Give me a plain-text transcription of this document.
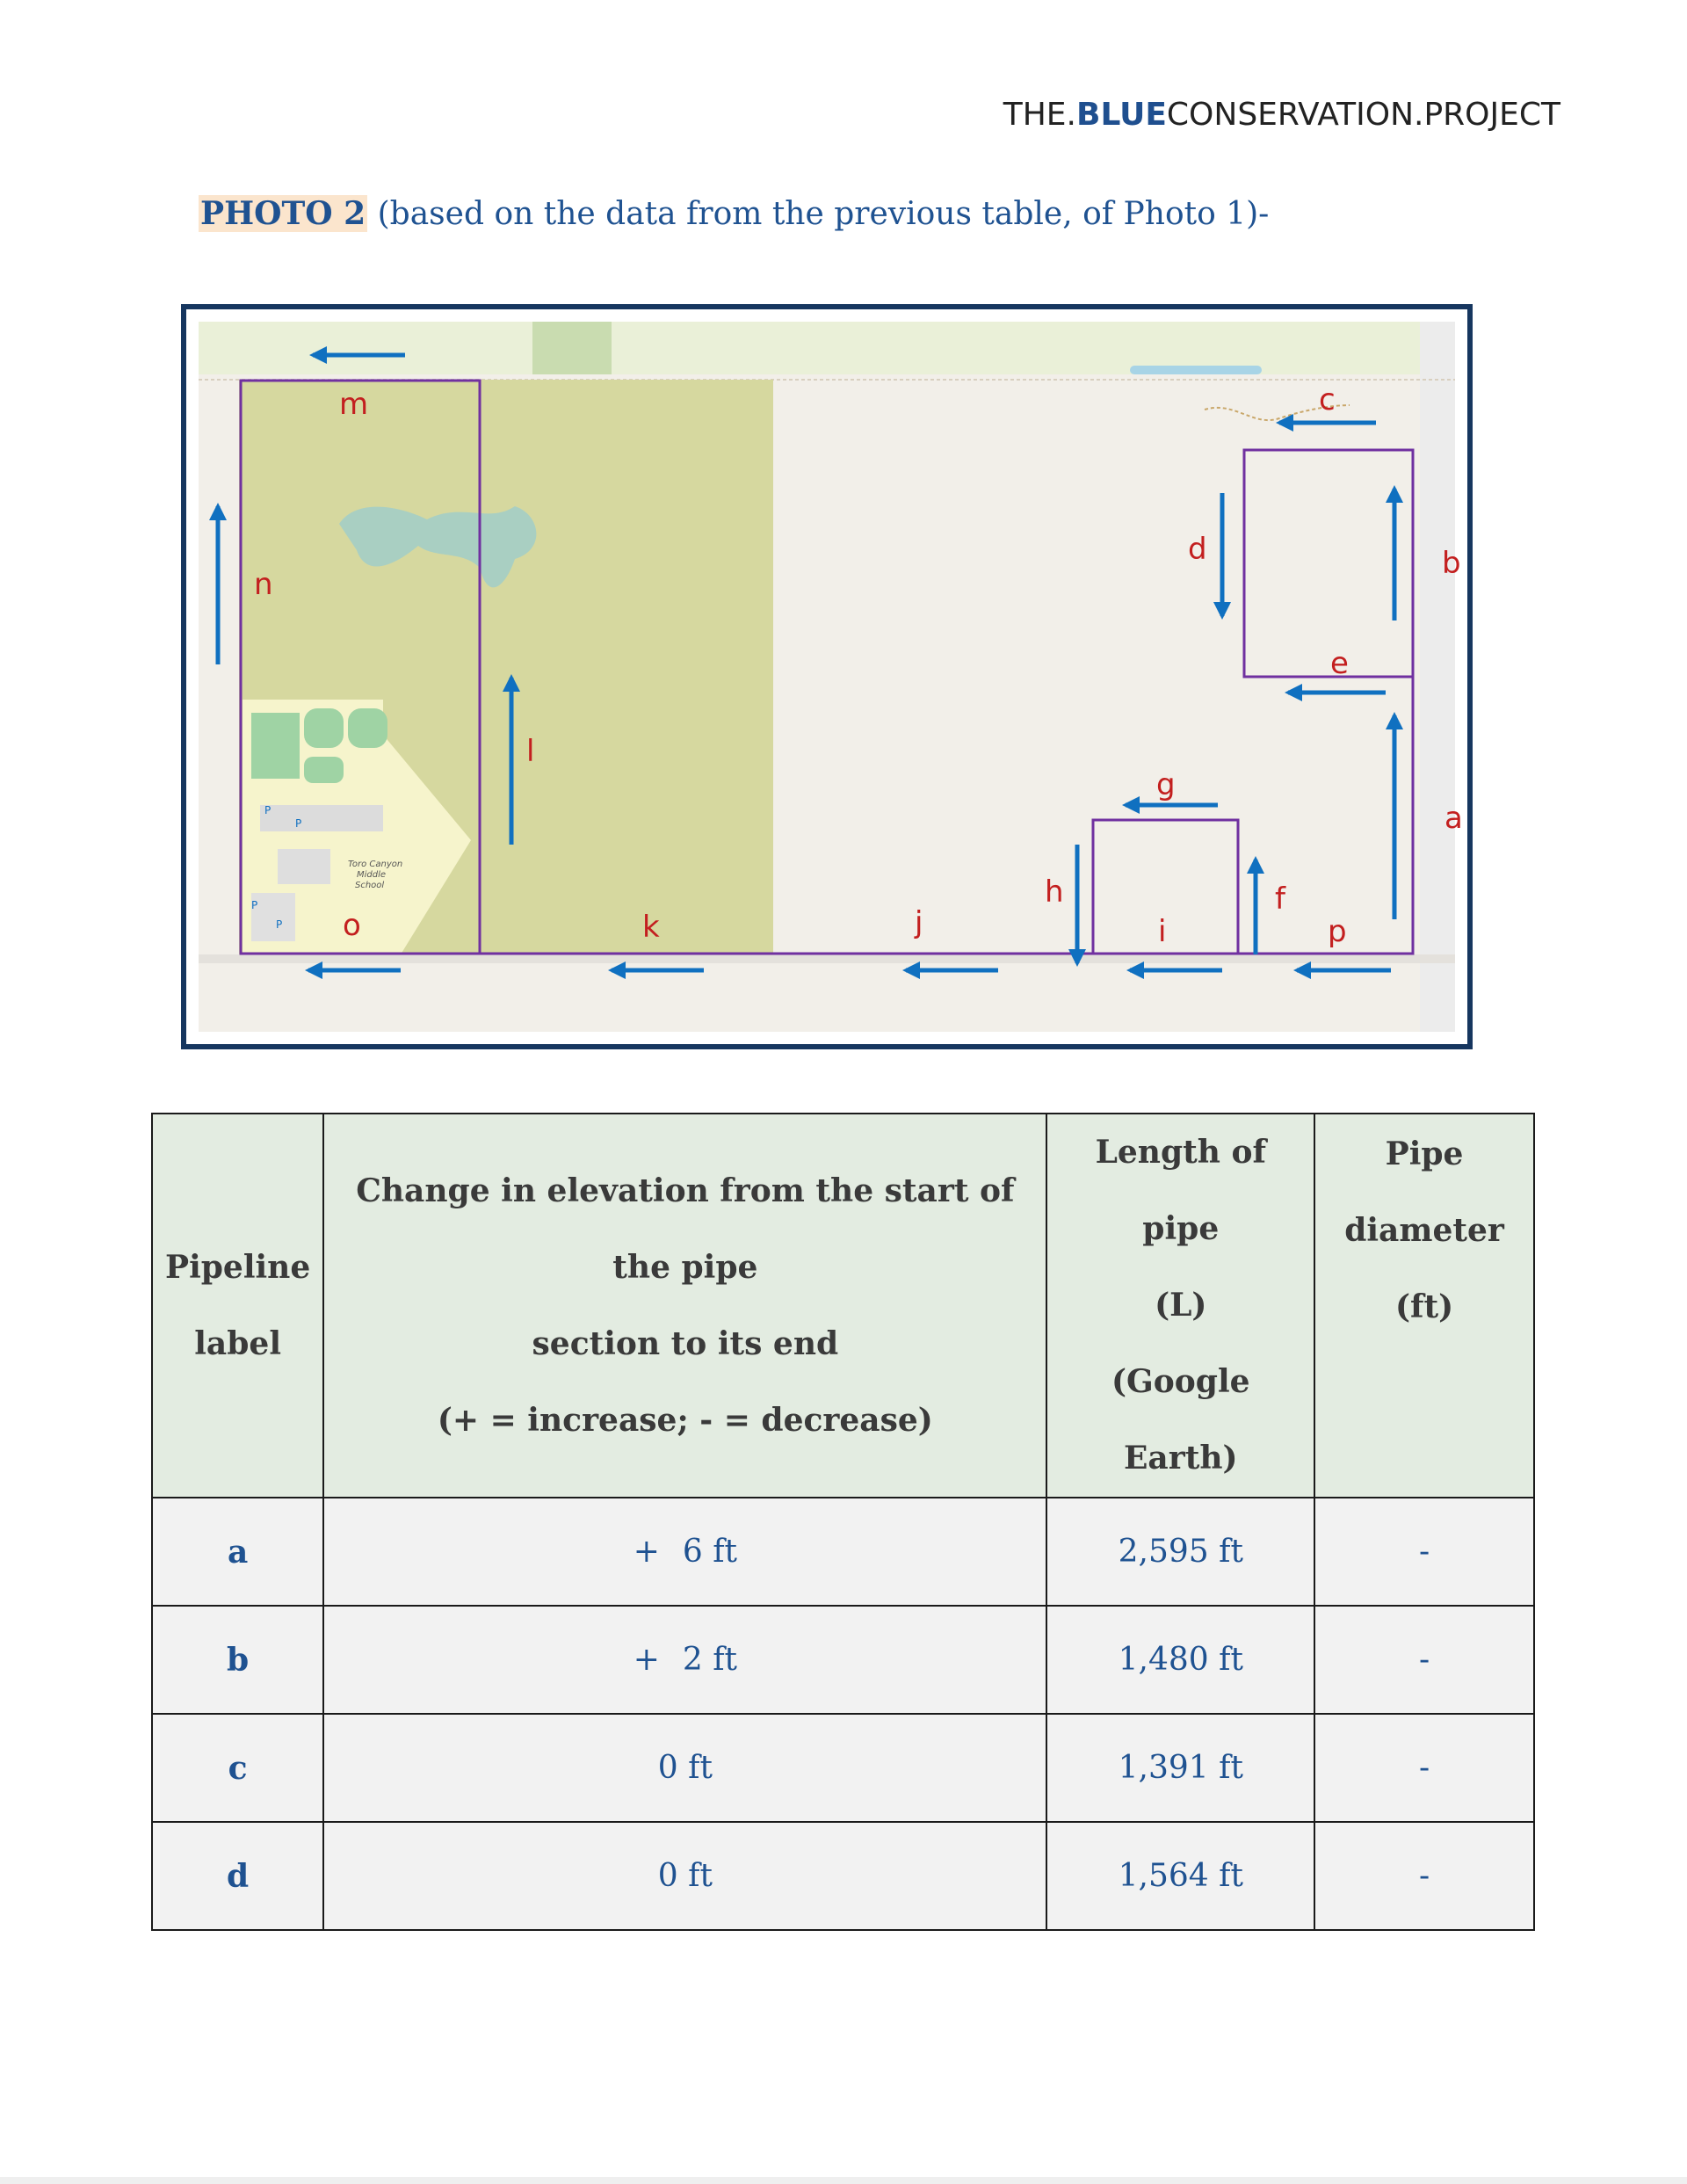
THE.BLUECONSERVATION.PROJECT
PHOTO 2 (based on the data from the previous table, of Photo 1)-
Toro Canyon
Middle
School
P
P
P
P
a
b
c
d
e
f
g
h
i
j
k
l
m
n
o	p
Pipeline
label	Change in elevation from the start of the pipe
section to its end
(+ = increase; - = decrease)	Length of pipe
(L)
(Google Earth)	Pipe
diameter
(ft)
a	+ 6 ft	2,595 ft	-
b	+ 2 ft	1,480 ft	-
c	0 ft	1,391 ft	-
d	0 ft	1,564 ft	-
